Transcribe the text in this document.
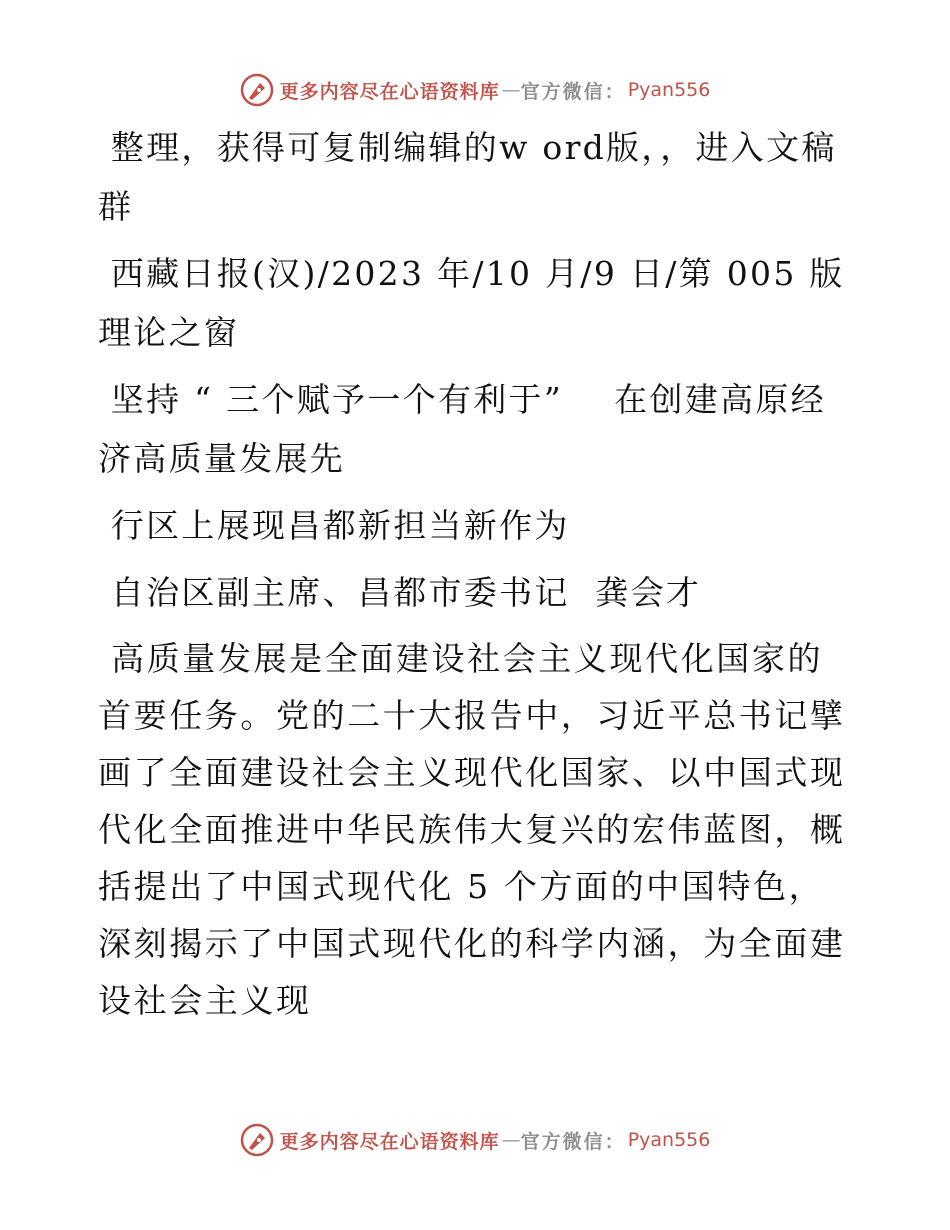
更多内容尽在心语资料库 — 官方微信： Pyan556

整理，获得可复制编辑的w ord版，，进入文稿群

西藏日报(汉)/2023 年/10 月/9 日/第 005 版理论之窗

坚持 “ 三个赋予一个有利于”    在创建高原经济高质量发展先

行区上展现昌都新担当新作为

自治区副主席、昌都市委书记  龚会才

高质量发展是全面建设社会主义现代化国家的首要任务。党的二十大报告中，习近平总书记擘画了全面建设社会主义现代化国家、以中国式现代化全面推进中华民族伟大复兴的宏伟蓝图，概括提出了中国式现代化 5 个方面的中国特色，深刻揭示了中国式现代化的科学内涵，为全面建设社会主义现

更多内容尽在心语资料库 — 官方微信： Pyan556
